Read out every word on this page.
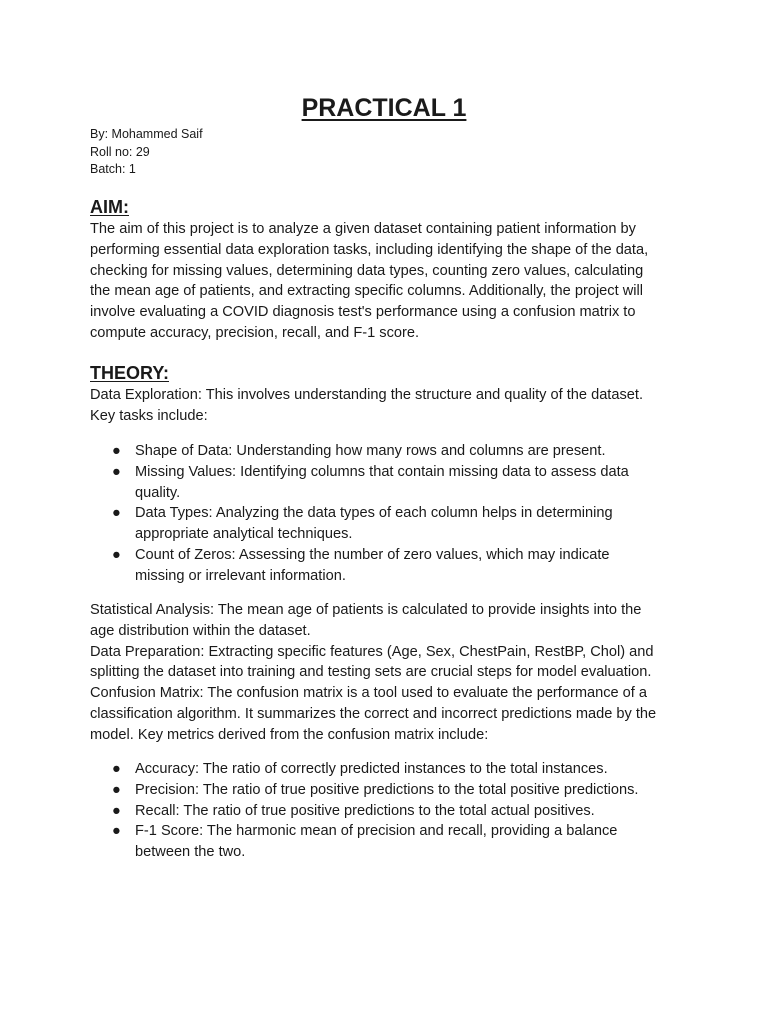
PRACTICAL 1
By: Mohammed Saif
Roll no: 29
Batch: 1
AIM:
The aim of this project is to analyze a given dataset containing patient information by
performing essential data exploration tasks, including identifying the shape of the data,
checking for missing values, determining data types, counting zero values, calculating
the mean age of patients, and extracting specific columns. Additionally, the project will
involve evaluating a COVID diagnosis test's performance using a confusion matrix to
compute accuracy, precision, recall, and F-1 score.
THEORY:
Data Exploration: This involves understanding the structure and quality of the dataset.
Key tasks include:
● Shape of Data: Understanding how many rows and columns are present.
● Missing Values: Identifying columns that contain missing data to assess data
quality.
● Data Types: Analyzing the data types of each column helps in determining
appropriate analytical techniques.
● Count of Zeros: Assessing the number of zero values, which may indicate
missing or irrelevant information.
Statistical Analysis: The mean age of patients is calculated to provide insights into the
age distribution within the dataset.
Data Preparation: Extracting specific features (Age, Sex, ChestPain, RestBP, Chol) and
splitting the dataset into training and testing sets are crucial steps for model evaluation.
Confusion Matrix: The confusion matrix is a tool used to evaluate the performance of a
classification algorithm. It summarizes the correct and incorrect predictions made by the
model. Key metrics derived from the confusion matrix include:
● Accuracy: The ratio of correctly predicted instances to the total instances.
● Precision: The ratio of true positive predictions to the total positive predictions.
● Recall: The ratio of true positive predictions to the total actual positives.
● F-1 Score: The harmonic mean of precision and recall, providing a balance
between the two.
